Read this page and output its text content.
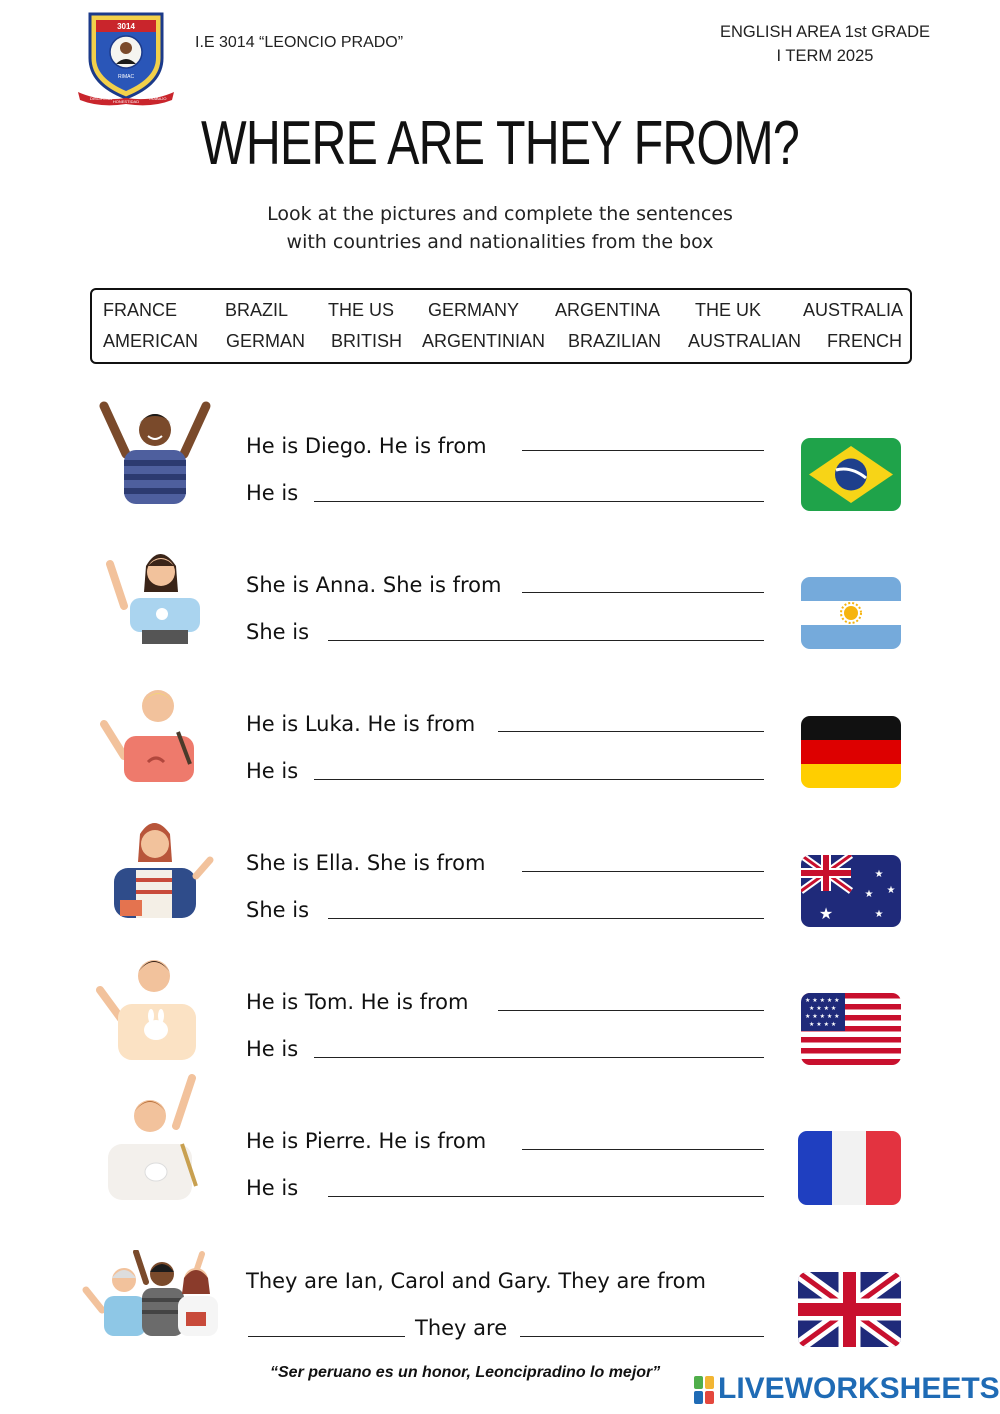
3014
RIMAC
DISCIPLINA
HONESTIDAD
TRABAJO
I.E 3014 “LEONCIO PRADO”
ENGLISH AREA 1st GRADE
I TERM 2025
WHERE ARE THEY FROM?
Look at the pictures and complete the sentences
with countries and nationalities from the box
FRANCE	BRAZIL THE US GERMANY ARGENTINA THE UK AUSTRALIA
AMERICAN GERMAN BRITISH ARGENTINIAN BRAZILIAN AUSTRALIAN FRENCH
He is Diego. He is from
He is
She is Anna. She is from
She is
He is Luka. He is from
He is
She is Ella. She is from
She is	★
★
★
★
★
He is Tom. He is from
He is
★ ★ ★ ★ ★
★ ★ ★ ★
★ ★ ★ ★ ★
★ ★ ★ ★
He is Pierre. He is from
He is
They are Ian, Carol and Gary. They are from
They are
“Ser peruano es un honor, Leoncipradino lo mejor” LIVEWORKSHEETS
